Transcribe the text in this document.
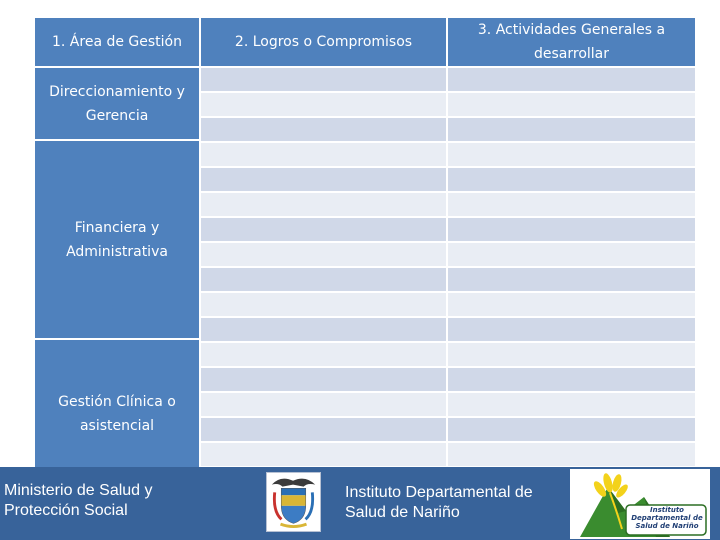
1. Área de Gestión	2. Logros o Compromisos
3. Actividades Generales a desarrollar
Direccionamiento y Gerencia
Financiera y Administrativa
Gestión Clínica o asistencial
Ministerio de Salud y Protección Social
Instituto Departamental de Salud de Nariño	Instituto Departamental de Salud de Nariño
